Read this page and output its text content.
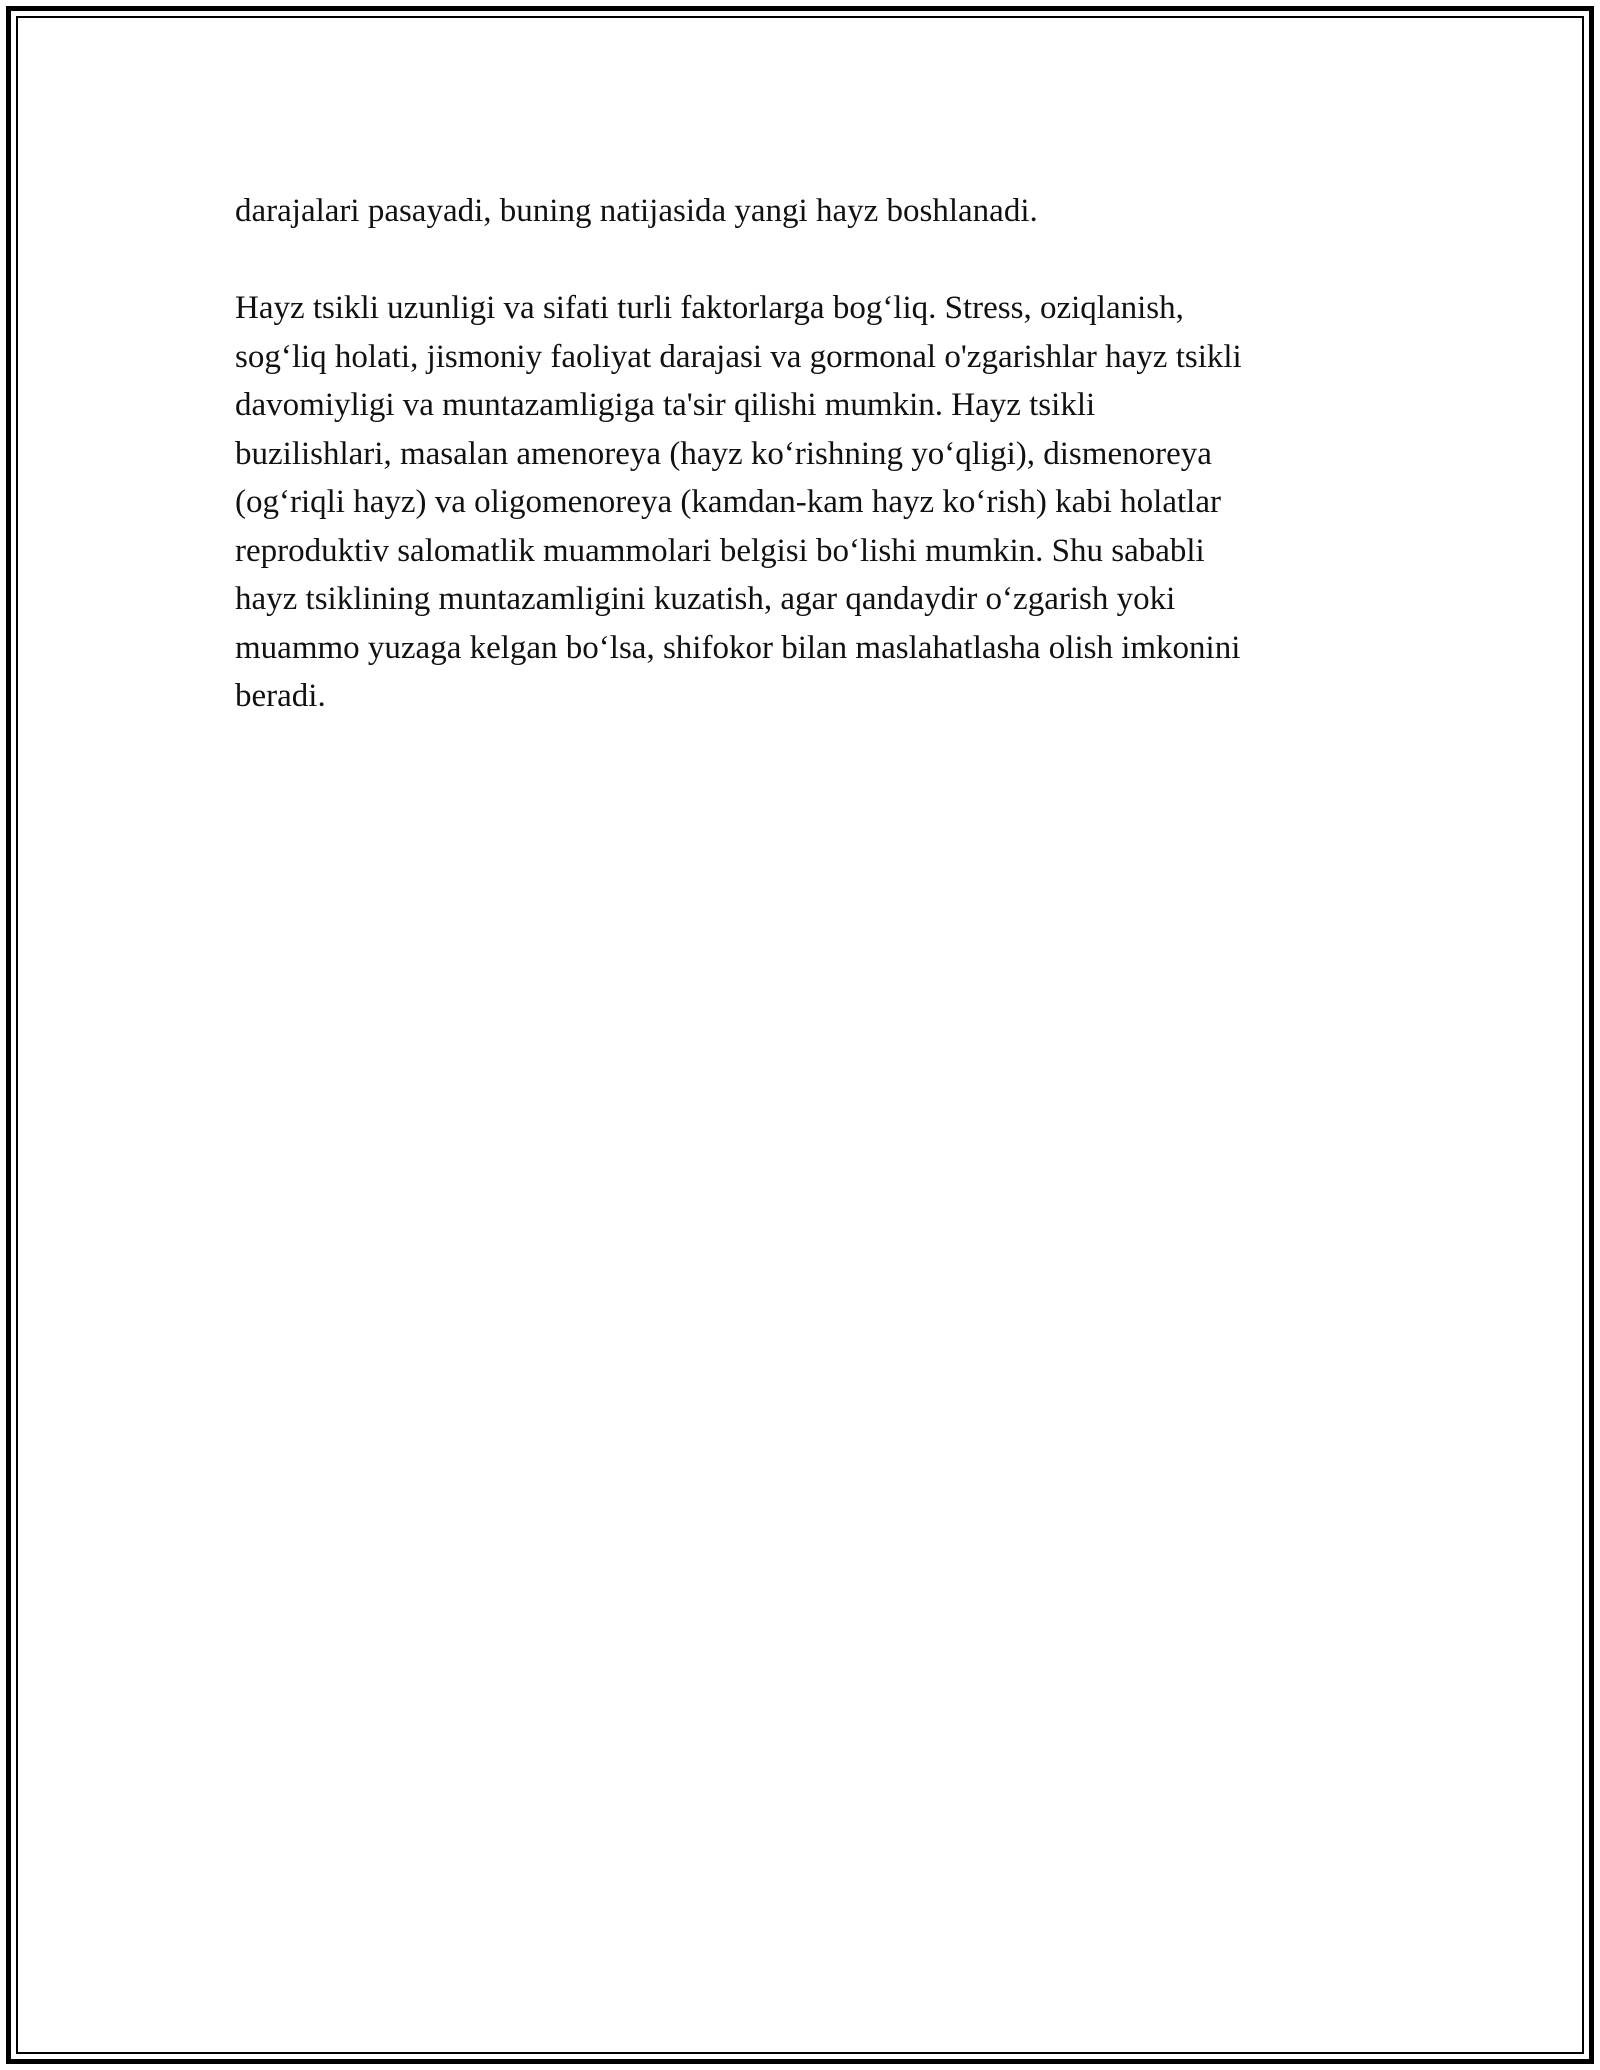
darajalari pasayadi, buning natijasida yangi hayz boshlanadi.

Hayz tsikli uzunligi va sifati turli faktorlarga bog‘liq. Stress, oziqlanish,
sog‘liq holati, jismoniy faoliyat darajasi va gormonal o'zgarishlar hayz tsikli
davomiyligi va muntazamligiga ta'sir qilishi mumkin. Hayz tsikli
buzilishlari, masalan amenoreya (hayz ko‘rishning yo‘qligi), dismenoreya
(og‘riqli hayz) va oligomenoreya (kamdan-kam hayz ko‘rish) kabi holatlar
reproduktiv salomatlik muammolari belgisi bo‘lishi mumkin. Shu sababli
hayz tsiklining muntazamligini kuzatish, agar qandaydir o‘zgarish yoki
muammo yuzaga kelgan bo‘lsa, shifokor bilan maslahatlasha olish imkonini
beradi.
